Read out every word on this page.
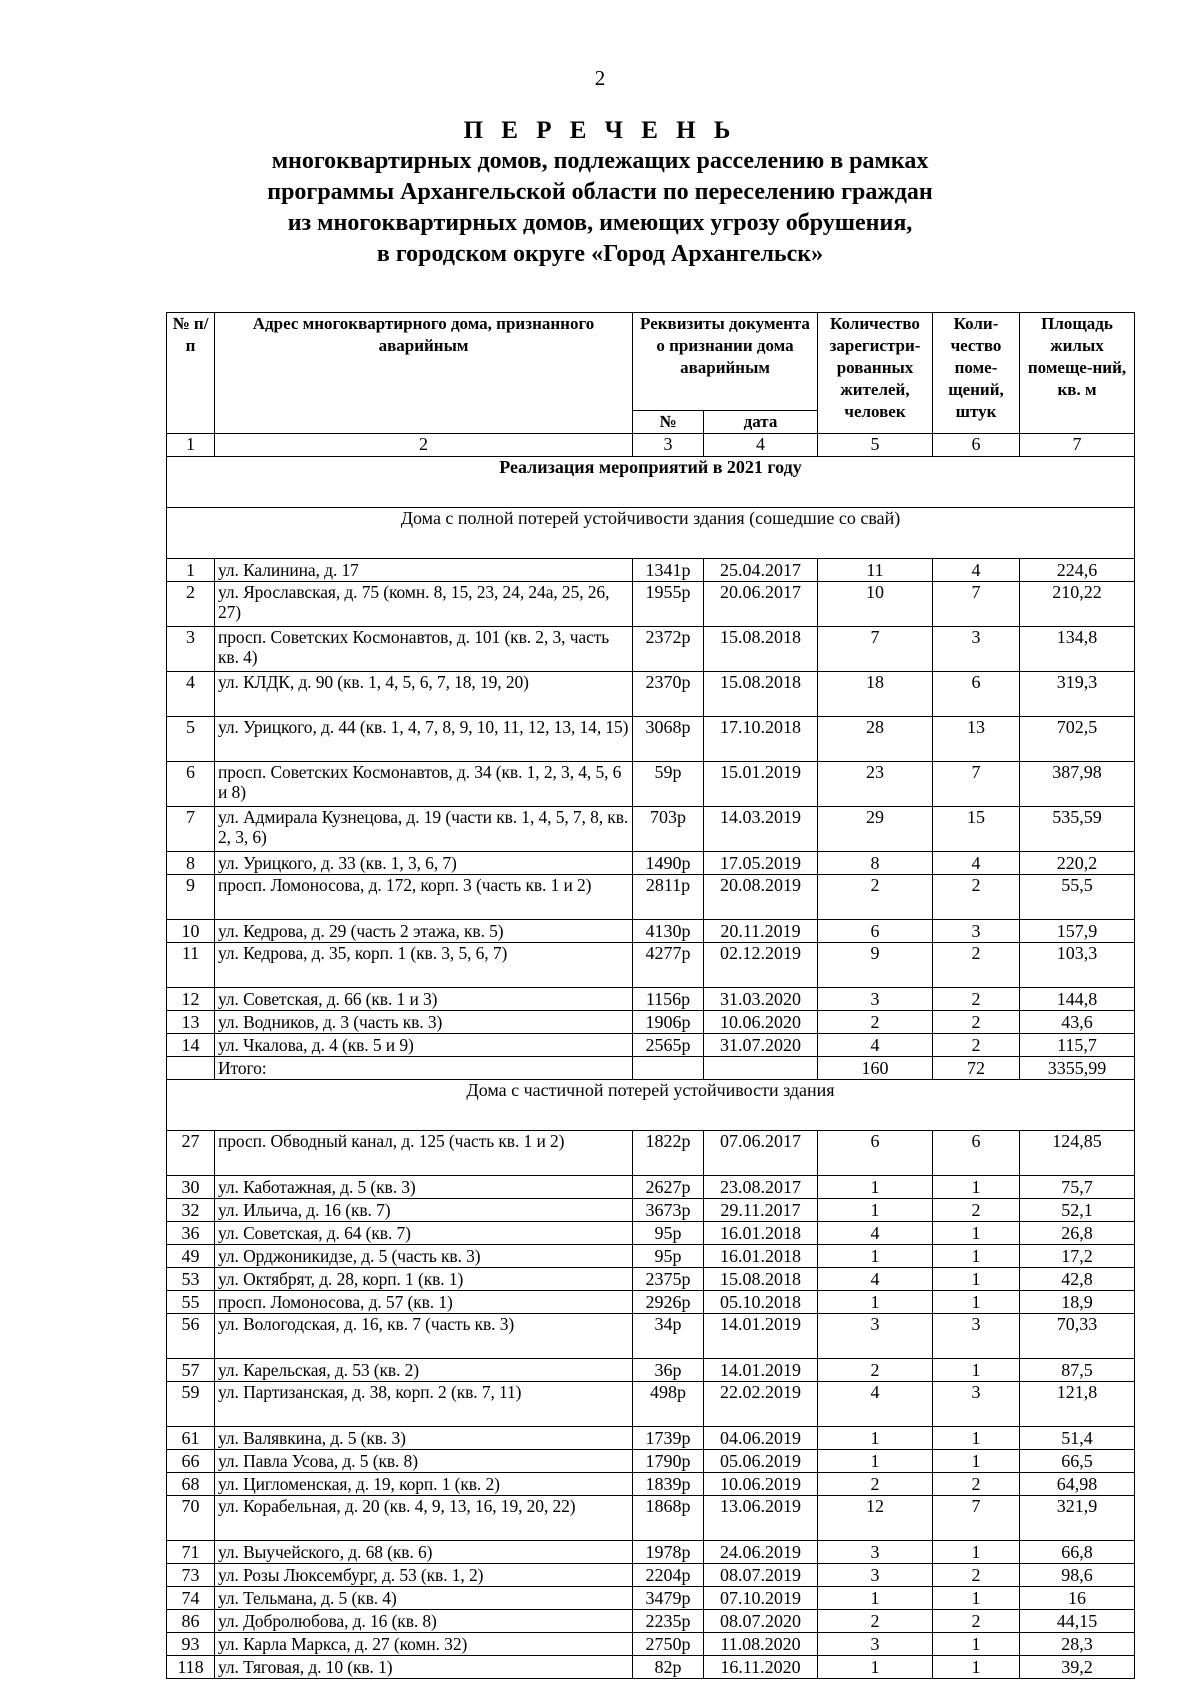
2
П Е Р Е Ч Е Н Ь
многоквартирных домов, подлежащих расселению в рамках
программы Архангельской области по переселению граждан
из многоквартирных домов, имеющих угрозу обрушения,
в городском округе «Город Архангельск»
№ п/п	Адрес многоквартирного дома, признанного аварийным	Реквизиты документа о признании дома аварийным		Количество зарегистри-рованных жителей, человек	Коли-чество поме-щений, штук	Площадь жилых помеще-ний, кв. м
		№	дата			
1	2	3	4	5	6	7
Реализация мероприятий в 2021 году						
Дома с полной потерей устойчивости здания (сошедшие со свай)						
1	ул. Калинина, д. 17	1341р	25.04.2017	11	4	224,6
2	ул. Ярославская, д. 75 (комн. 8, 15, 23, 24, 24а, 25, 26, 27)	1955р	20.06.2017	10	7	210,22
3	просп. Советских Космонавтов, д. 101 (кв. 2, 3, часть кв. 4)	2372р	15.08.2018	7	3	134,8
4	ул. КЛДК, д. 90 (кв. 1, 4, 5, 6, 7, 18, 19, 20)	2370р	15.08.2018	18	6	319,3
5	ул. Урицкого, д. 44 (кв. 1, 4, 7, 8, 9, 10, 11, 12, 13, 14, 15)	3068р	17.10.2018	28	13	702,5
6	просп. Советских Космонавтов, д. 34 (кв. 1, 2, 3, 4, 5, 6 и 8)	59р	15.01.2019	23	7	387,98
7	ул. Адмирала Кузнецова, д. 19 (части кв. 1, 4, 5, 7, 8, кв. 2, 3, 6)	703р	14.03.2019	29	15	535,59
8	ул. Урицкого, д. 33 (кв. 1, 3, 6, 7)	1490р	17.05.2019	8	4	220,2
9	просп. Ломоносова, д. 172, корп. 3 (часть кв. 1 и 2)	2811р	20.08.2019	2	2	55,5
10	ул. Кедрова, д. 29 (часть 2 этажа, кв. 5)	4130р	20.11.2019	6	3	157,9
11	ул. Кедрова, д. 35, корп. 1 (кв. 3, 5, 6, 7)	4277р	02.12.2019	9	2	103,3
12	ул. Советская, д. 66 (кв. 1 и 3)	1156р	31.03.2020	3	2	144,8
13	ул. Водников, д. 3 (часть кв. 3)	1906р	10.06.2020	2	2	43,6
14	ул. Чкалова, д. 4 (кв. 5 и 9)	2565р	31.07.2020	4	2	115,7
	Итого:			160	72	3355,99
Дома с частичной потерей устойчивости здания						
27	просп. Обводный канал, д. 125 (часть кв. 1 и 2)	1822р	07.06.2017	6	6	124,85
30	ул. Каботажная, д. 5 (кв. 3)	2627р	23.08.2017	1	1	75,7
32	ул. Ильича, д. 16 (кв. 7)	3673р	29.11.2017	1	2	52,1
36	ул. Советская, д. 64 (кв. 7)	95р	16.01.2018	4	1	26,8
49	ул. Орджоникидзе, д. 5 (часть кв. 3)	95р	16.01.2018	1	1	17,2
53	ул. Октябрят, д. 28, корп. 1 (кв. 1)	2375р	15.08.2018	4	1	42,8
55	просп. Ломоносова, д. 57 (кв. 1)	2926р	05.10.2018	1	1	18,9
56	ул. Вологодская, д. 16, кв. 7 (часть кв. 3)	34р	14.01.2019	3	3	70,33
57	ул. Карельская, д. 53 (кв. 2)	36р	14.01.2019	2	1	87,5
59	ул. Партизанская, д. 38, корп. 2 (кв. 7, 11)	498р	22.02.2019	4	3	121,8
61	ул. Валявкина, д. 5 (кв. 3)	1739р	04.06.2019	1	1	51,4
66	ул. Павла Усова, д. 5 (кв. 8)	1790р	05.06.2019	1	1	66,5
68	ул. Цигломенская, д. 19, корп. 1 (кв. 2)	1839р	10.06.2019	2	2	64,98
70	ул. Корабельная, д. 20 (кв. 4, 9, 13, 16, 19, 20, 22)	1868р	13.06.2019	12	7	321,9
71	ул. Выучейского, д. 68 (кв. 6)	1978р	24.06.2019	3	1	66,8
73	ул. Розы Люксембург, д. 53 (кв. 1, 2)	2204р	08.07.2019	3	2	98,6
74	ул. Тельмана, д. 5 (кв. 4)	3479р	07.10.2019	1	1	16
86	ул. Добролюбова, д. 16 (кв. 8)	2235р	08.07.2020	2	2	44,15
93	ул. Карла Маркса, д. 27 (комн. 32)	2750р	11.08.2020	3	1	28,3
118	ул. Тяговая, д. 10 (кв. 1)	82р	16.11.2020	1	1	39,2
